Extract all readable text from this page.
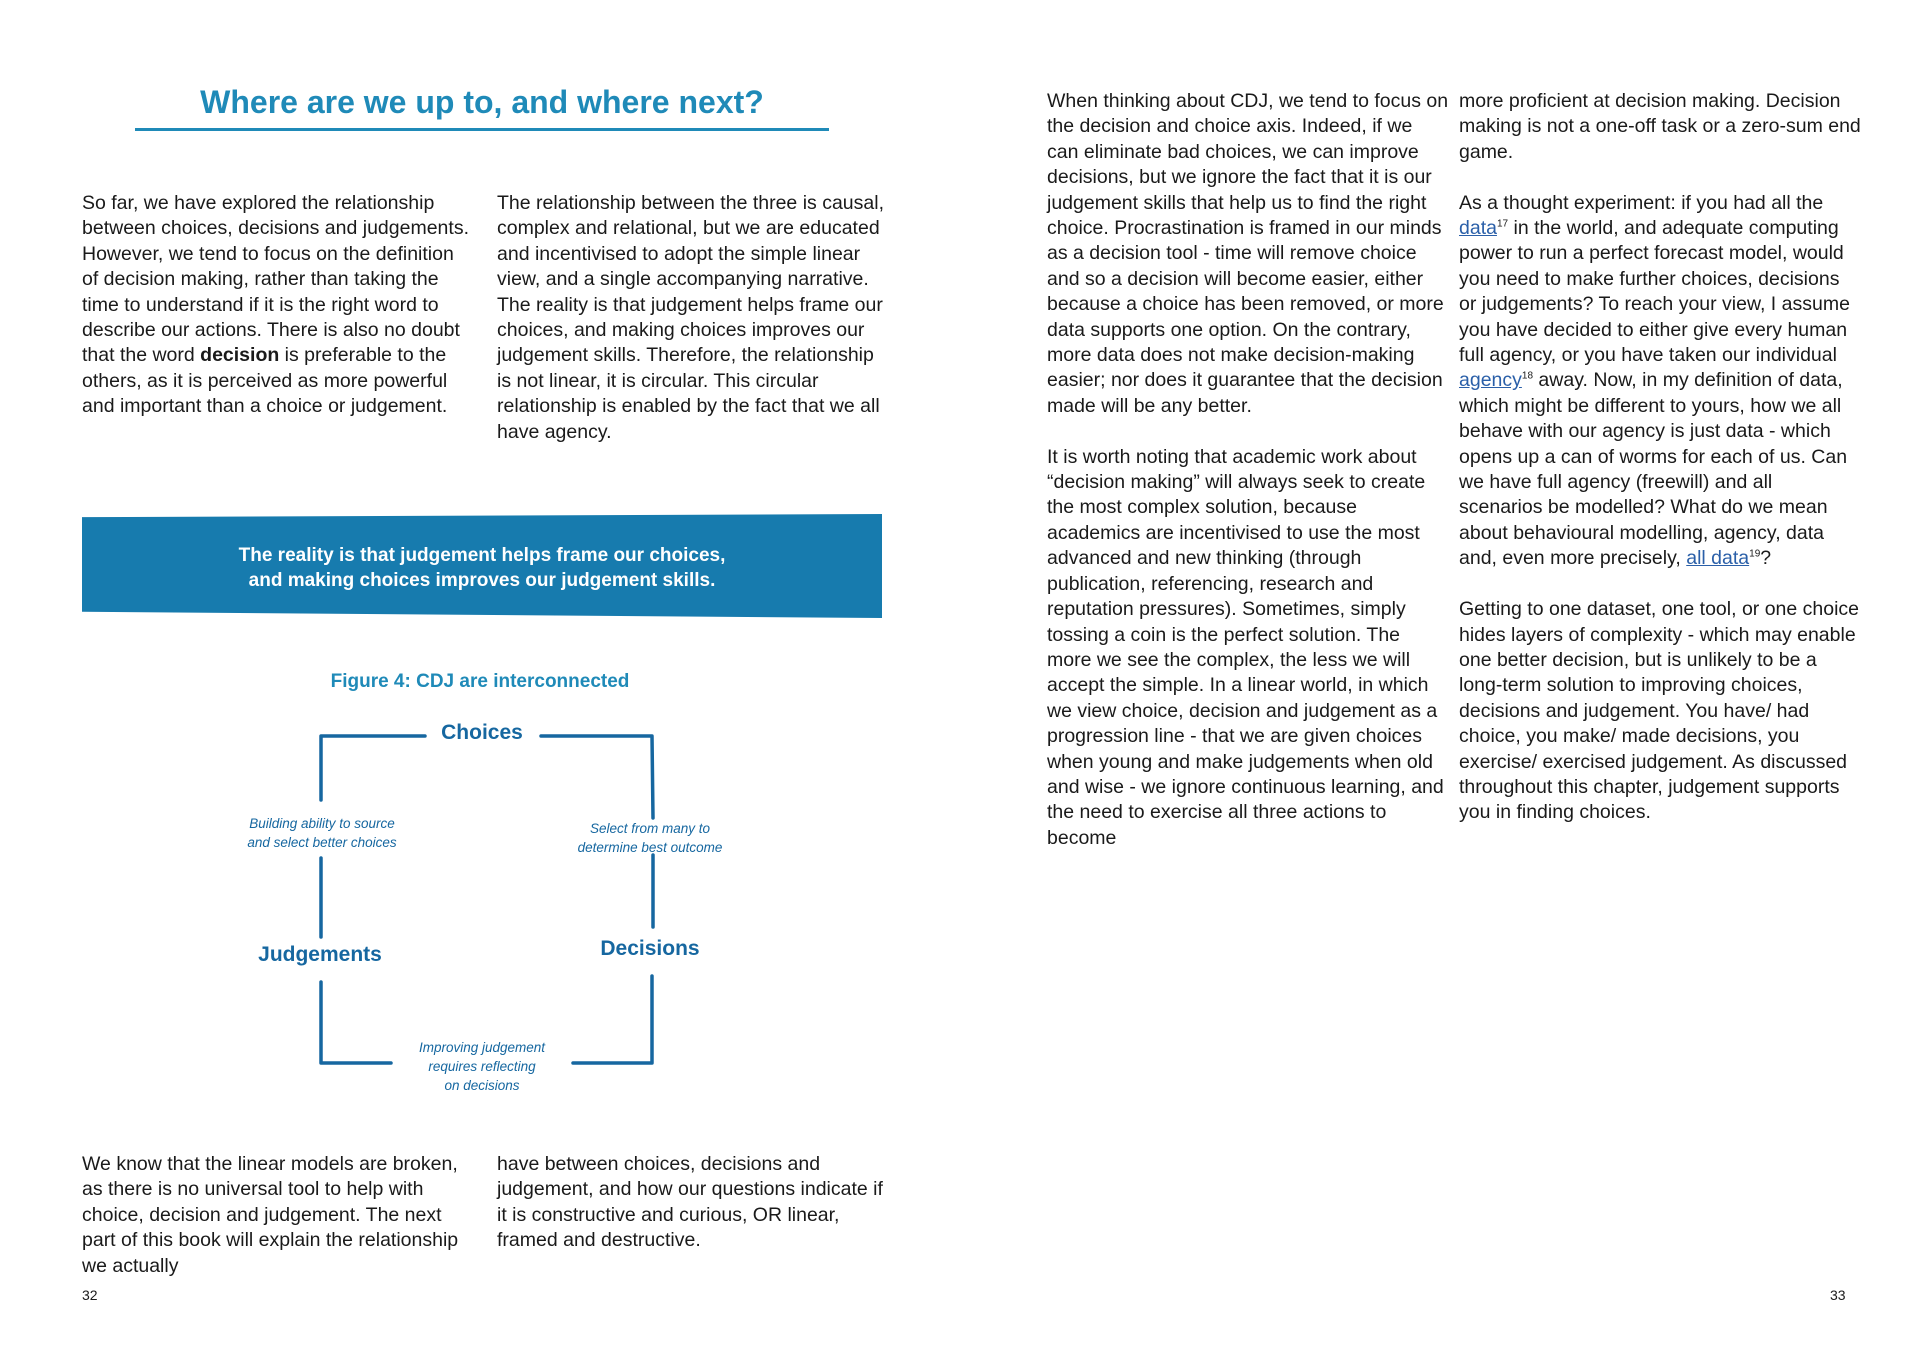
Where are we up to, and where next?

So far, we have explored the relationship between choices, decisions and judgements. However, we tend to focus on the definition of decision making, rather than taking the time to understand if it is the right word to describe our actions. There is also no doubt that the word decision is preferable to the others, as it is perceived as more powerful and important than a choice or judgement.

The relationship between the three is causal, complex and relational, but we are educated and incentivised to adopt the simple linear view, and a single accompanying narrative. The reality is that judgement helps frame our choices, and making choices improves our judgement skills. Therefore, the relationship is not linear, it is circular. This circular relationship is enabled by the fact that we all have agency.

The reality is that judgement helps frame our choices,
and making choices improves our judgement skills.

Figure 4: CDJ are interconnected

Choices

Decisions

Judgements

Building ability to source
and select better choices

Select from many to
determine best outcome

Improving judgement
requires reflecting
on decisions

We know that the linear models are broken, as there is no universal tool to help with choice, decision and judgement. The next part of this book will explain the relationship we actually

have between choices, decisions and judgement, and how our questions indicate if it is constructive and curious, OR linear, framed and destructive.

32

When thinking about CDJ, we tend to focus on the decision and choice axis. Indeed, if we can eliminate bad choices, we can improve decisions, but we ignore the fact that it is our judgement skills that help us to find the right choice. Procrastination is framed in our minds as a decision tool - time will remove choice and so a decision will become easier, either because a choice has been removed, or more data supports one option. On the contrary, more data does not make decision-making easier; nor does it guarantee that the decision made will be any better.
It is worth noting that academic work about “decision making” will always seek to create the most complex solution, because academics are incentivised to use the most advanced and new thinking (through publication, referencing, research and reputation pressures). Sometimes, simply tossing a coin is the perfect solution. The more we see the complex, the less we will accept the simple. In a linear world, in which we view choice, decision and judgement as a progression line - that we are given choices when young and make judgements when old and wise - we ignore continuous learning, and the need to exercise all three actions to become
more proficient at decision making. Decision making is not a one-off task or a zero-sum end game.
As a thought experiment: if you had all the data$^{17}$ in the world, and adequate computing power to run a perfect forecast model, would you need to make further choices, decisions or judgements? To reach your view, I assume you have decided to either give every human full agency, or you have taken our individual agency$^{18}$ away. Now, in my definition of data, which might be different to yours, how we all behave with our agency is just data - which opens up a can of worms for each of us. Can we have full agency (freewill) and all scenarios be modelled? What do we mean about behavioural modelling, agency, data and, even more precisely, all data$^{19}$?
Getting to one dataset, one tool, or one choice hides layers of complexity - which may enable one better decision, but is unlikely to be a long-term solution to improving choices, decisions and judgement. You have/ had choice, you make/ made decisions, you exercise/ exercised judgement. As discussed throughout this chapter, judgement supports you in finding choices.

33
